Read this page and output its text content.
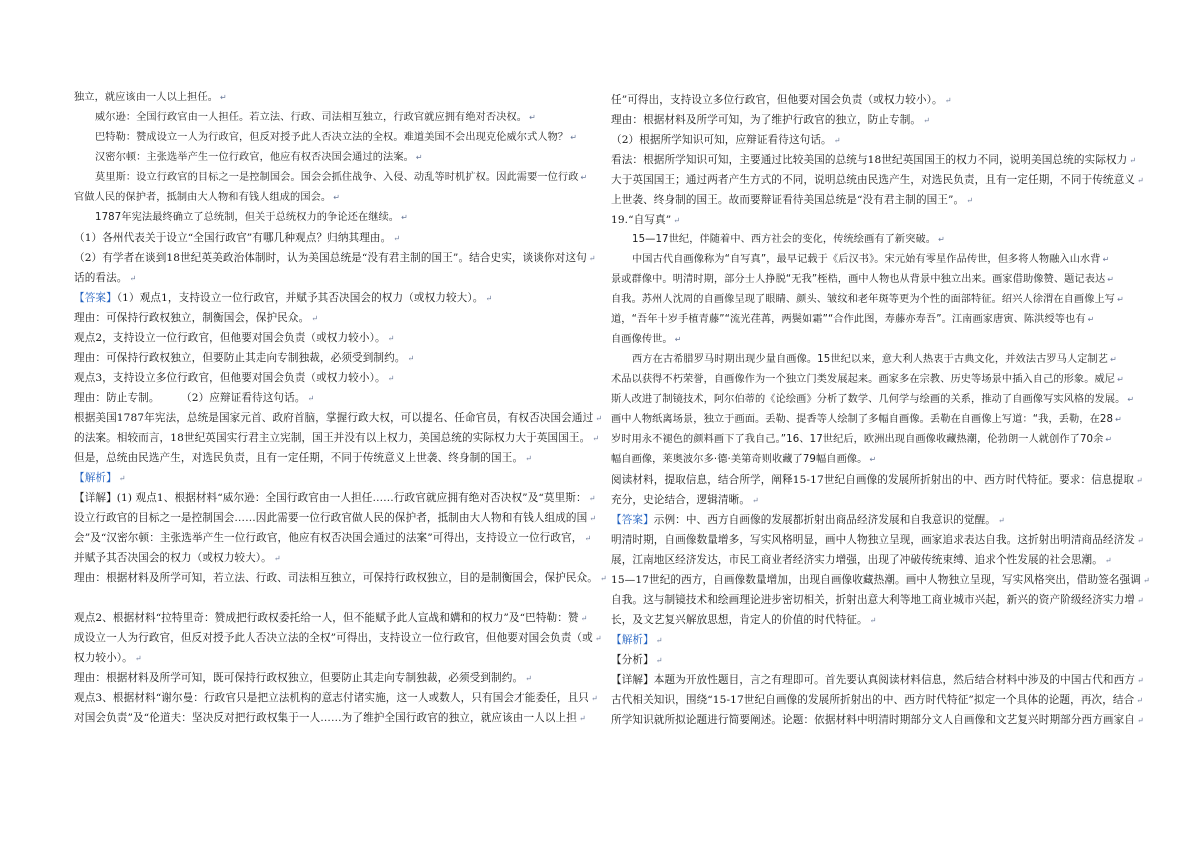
独立，就应该由一人以上担任。 ↵
威尔逊：全国行政官由一人担任。若立法、行政、司法相互独立，行政官就应拥有绝对否决权。 ↵
巴特勒：赞成设立一人为行政官，但反对授予此人否决立法的全权。难道美国不会出现克伦威尔式人物？ ↵
汉密尔顿：主张选举产生一位行政官，他应有权否决国会通过的法案。 ↵
莫里斯：设立行政官的目标之一是控制国会。国会会抓住战争、入侵、动乱等时机扩权。因此需要一位行政 ↵
官做人民的保护者，抵制由大人物和有钱人组成的国会。 ↵
1787年宪法最终确立了总统制，但关于总统权力的争论还在继续。 ↵
（1）各州代表关于设立“全国行政官”有哪几种观点？归纳其理由。 ↵
（2）有学者在谈到18世纪英美政治体制时，认为美国总统是“没有君主制的国王”。结合史实，谈谈你对这句 ↵
话的看法。 ↵
【答案】（1）观点1，支持设立一位行政官，并赋予其否决国会的权力（或权力较大）。 ↵
理由：可保持行政权独立，制衡国会，保护民众。 ↵
观点2，支持设立一位行政官，但他要对国会负责（或权力较小）。 ↵
理由：可保持行政权独立，但要防止其走向专制独裁，必须受到制约。 ↵
观点3，支持设立多位行政官，但他要对国会负责（或权力较小）。 ↵
理由：防止专制。　　　（2）应辩证看待这句话。 ↵
根据美国1787年宪法，总统是国家元首、政府首脑，掌握行政大权，可以提名、任命官员，有权否决国会通过 ↵
的法案。相较而言，18世纪英国实行君主立宪制，国王并没有以上权力，美国总统的实际权力大于英国国王。 ↵
但是，总统由民选产生，对选民负责，且有一定任期，不同于传统意义上世袭、终身制的国王。 ↵
【解析】 ↵
【详解】(1) 观点1、根据材料“威尔逊：全国行政官由一人担任……行政官就应拥有绝对否决权”及“莫里斯： ↵
设立行政官的目标之一是控制国会……因此需要一位行政官做人民的保护者，抵制由大人物和有钱人组成的国 ↵
会”及“汉密尔顿：主张选举产生一位行政官，他应有权否决国会通过的法案”可得出，支持设立一位行政官， ↵
并赋予其否决国会的权力（或权力较大）。 ↵
理由：根据材料及所学可知，若立法、行政、司法相互独立，可保持行政权独立，目的是制衡国会，保护民众。 ↵
观点2、根据材料“拉特里奇：赞成把行政权委托给一人，但不能赋予此人宣战和媾和的权力”及“巴特勒：赞 ↵
成设立一人为行政官，但反对授予此人否决立法的全权”可得出，支持设立一位行政官，但他要对国会负责（或 ↵
权力较小）。 ↵
理由：根据材料及所学可知，既可保持行政权独立，但要防止其走向专制独裁，必须受到制约。 ↵
观点3、根据材料“谢尔曼：行政官只是把立法机构的意志付诸实施，这一人或数人，只有国会才能委任，且只 ↵
对国会负责”及“伦道夫：坚决反对把行政权集于一人……为了维护全国行政官的独立，就应该由一人以上担 ↵
任”可得出，支持设立多位行政官，但他要对国会负责（或权力较小）。 ↵
理由：根据材料及所学可知，为了维护行政官的独立，防止专制。 ↵
（2）根据所学知识可知，应辩证看待这句话。 ↵
看法：根据所学知识可知，主要通过比较美国的总统与18世纪英国国王的权力不同，说明美国总统的实际权力 ↵
大于英国国王；通过两者产生方式的不同，说明总统由民选产生，对选民负责，且有一定任期，不同于传统意义 ↵
上世袭、终身制的国王。故而要辩证看待美国总统是“没有君主制的国王”。 ↵
19.“自写真” ↵
15—17世纪，伴随着中、西方社会的变化，传统绘画有了新突破。 ↵
中国古代自画像称为“自写真”，最早记载于《后汉书》。宋元始有零星作品传世，但多将人物融入山水背 ↵
景或群像中。明清时期，部分士人挣脱“无我”桎梏，画中人物也从背景中独立出来。画家借助像赞、题记表达 ↵
自我。苏州人沈周的自画像呈现了眼睛、颜头、皱纹和老年斑等更为个性的面部特征。绍兴人徐渭在自画像上写 ↵
道，“吾年十岁手植青藤”“流光荏苒，两鬓如霜”“合作此图，寿藤亦寿吾”。江南画家唐寅、陈洪绶等也有 ↵
自画像传世。 ↵
西方在古希腊罗马时期出现少量自画像。15世纪以来，意大利人热衷于古典文化，并效法古罗马人定制艺 ↵
术品以获得不朽荣誉，自画像作为一个独立门类发展起来。画家多在宗教、历史等场景中插入自己的形象。威尼 ↵
斯人改进了制镜技术，阿尔伯蒂的《论绘画》分析了数学、几何学与绘画的关系，推动了自画像写实风格的发展。 ↵
画中人物纸离场景，独立于画面。丢勒、提香等人绘制了多幅自画像。丢勒在自画像上写道：“我，丢勒，在28 ↵
岁时用永不褪色的颜料画下了我自己。”16、17世纪后，欧洲出现自画像收藏热潮，伦勃朗一人就创作了70余 ↵
幅自画像，莱奥波尔多·德·美第奇则收藏了79幅自画像。 ↵
阅读材料，提取信息，结合所学，阐释15-17世纪自画像的发展所折射出的中、西方时代特征。要求：信息提取 ↵
充分，史论结合，逻辑清晰。 ↵
【答案】示例：中、西方自画像的发展都折射出商品经济发展和自我意识的觉醒。 ↵
明清时期，自画像数量增多，写实风格明显，画中人物独立呈现，画家追求表达自我。这折射出明清商品经济发 ↵
展，江南地区经济发达，市民工商业者经济实力增强，出现了冲破传统束缚、追求个性发展的社会思潮。 ↵
15—17世纪的西方，自画像数量增加，出现自画像收藏热潮。画中人物独立呈现，写实风格突出，借助签名强调 ↵
自我。这与制镜技术和绘画理论进步密切相关，折射出意大利等地工商业城市兴起，新兴的资产阶级经济实力增 ↵
长，及文艺复兴解放思想，肯定人的价值的时代特征。 ↵
【解析】 ↵
【分析】 ↵
【详解】本题为开放性题目，言之有理即可。首先要认真阅读材料信息，然后结合材料中涉及的中国古代和西方 ↵
古代相关知识，围绕“15-17世纪自画像的发展所折射出的中、西方时代特征”拟定一个具体的论题，再次，结合 ↵
所学知识就所拟论题进行简要阐述。论题：依据材料中明清时期部分文人自画像和文艺复兴时期部分西方画家自 ↵
